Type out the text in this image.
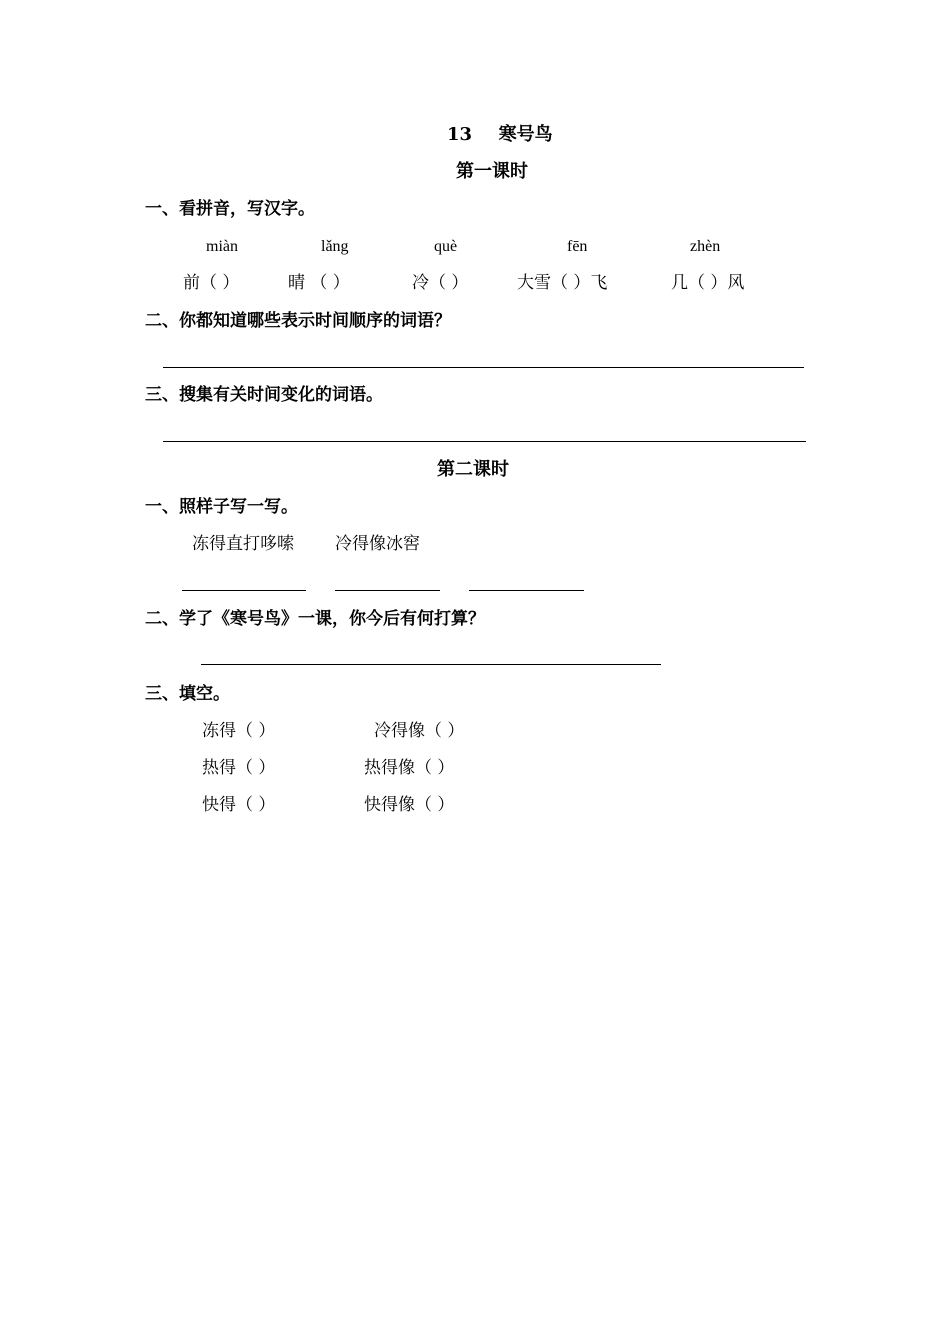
13 寒号鸟
第一课时
一、看拼音，写汉字。
miàn	lǎng	què	fēn	zhèn
前（ ）	晴 （ ）	冷（ ）	大雪（ ）飞	几（ ）风
二、你都知道哪些表示时间顺序的词语？
三、搜集有关时间变化的词语。
第二课时
一、照样子写一写。
冻得直打哆嗦 冷得像冰窖
二、学了《寒号鸟》一课，你今后有何打算？
三、填空。
冻得（ ）	冷得像（ ）
热得（ ）	热得像（ ）
快得（ ）	快得像（ ）
